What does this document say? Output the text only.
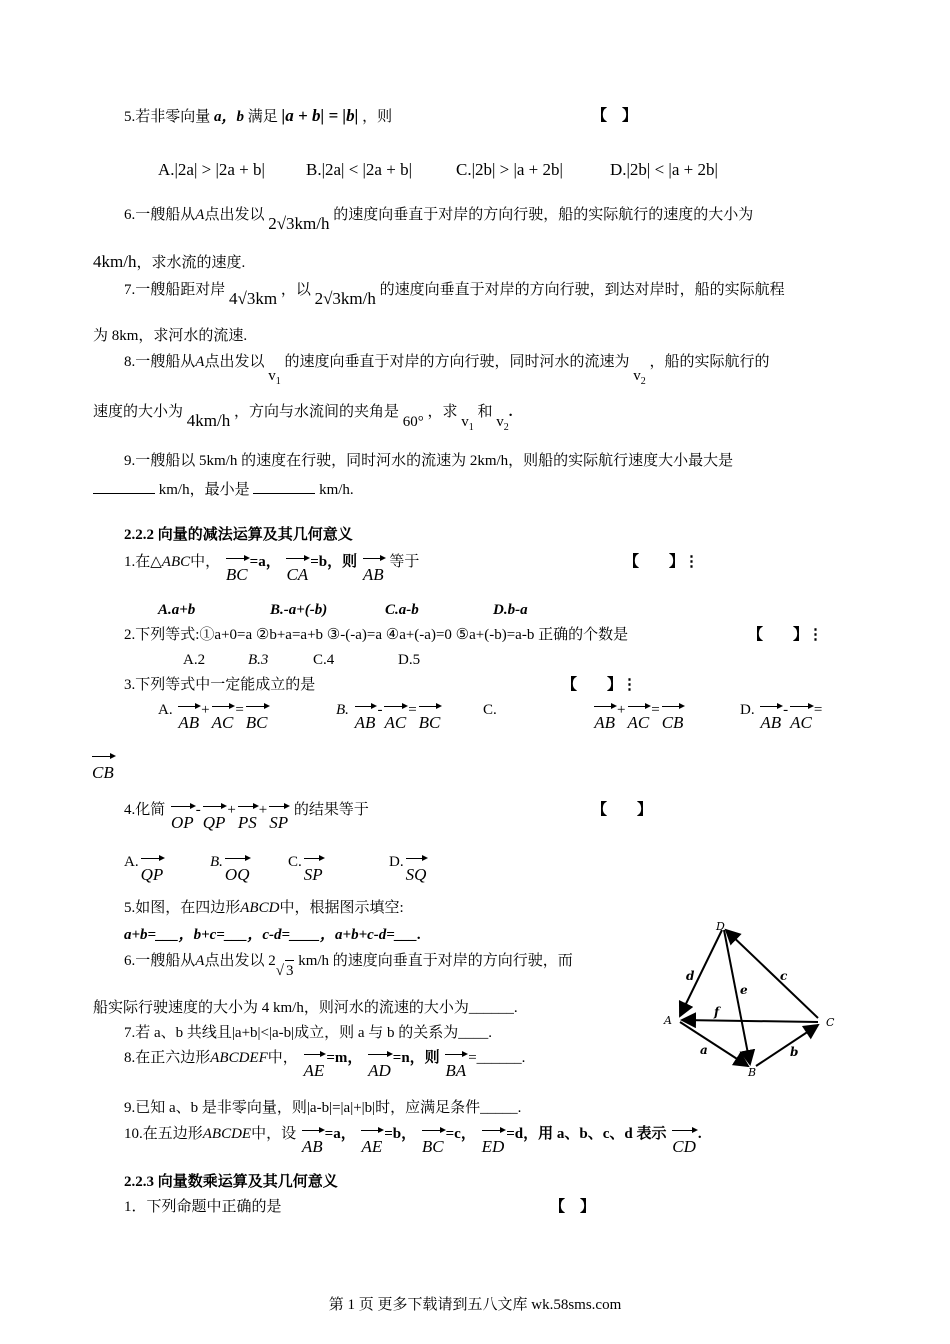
5.若非零向量 a，b 满足 |a + b| = |b| ，则	【　】
A.|2a| > |2a + b| B.|2a| < |2a + b|	C.|2b| > |a + 2b|	D.|2b| < |a + 2b|
6.一艘船从A点出发以 2√3km/h 的速度向垂直于对岸的方向行驶，船的实际航行的速度的大小为
4km/h，求水流的速度.
7.一艘船距对岸 4√3km ，以 2√3km/h 的速度向垂直于对岸的方向行驶，到达对岸时，船的实际航程
为 8km，求河水的流速.
8.一艘船从A点出发以 $v_1$ 的速度向垂直于对岸的方向行驶，同时河水的流速为 $v_2$ ，船的实际航行的
速度的大小为 4km/h ，方向与水流间的夹角是 60° ，求 $v_1$ 和 $v_2$.
9.一艘船以 5km/h 的速度在行驶，同时河水的流速为 2km/h，则船的实际航行速度大小最大是
km/h，最小是	km/h.
2.2.2 向量的减法运算及其几何意义
1.在△ABC中， BC=a， CA=b，则 AB 等于	【　　】⋮
A.a+b	B.-a+(-b)	C.a-b	D.b-a
2.下列等式:①a+0=a ②b+a=a+b ③-(-a)=a ④a+(-a)=0 ⑤a+(-b)=a-b 正确的个数是	【　　】⋮
A.2	B.3	C.4	D.5
3.下列等式中一定能成立的是	【　　】⋮
A. AB+AC=BC
B. AB-AC=BC
C.  AB+AC=CB
D. AB-AC=
CB
4.化简 OP-QP+PS+SP 的结果等于	【　　】
A.QP
B.OQ
C.SP
D.SQ
5.如图，在四边形ABCD中，根据图示填空:
a+b=___，b+c=___，c-d=____，a+b+c-d=___.
6.一艘船从A点出发以 2√ 3 km/h 的速度向垂直于对岸的方向行驶，而
船实际行驶速度的大小为 4 km/h，则河水的流速的大小为______.
7.若 a、b 共线且|a+b|<|a-b|成立，则 a 与 b 的关系为____.
8.在正六边形ABCDEF中， AE=m， AD=n，则 BA=______.
9.已知 a、b 是非零向量，则|a-b|=|a|+|b|时，应满足条件_____.
10.在五边形ABCDE中，设 AB=a， AE=b， BC=c， ED=d，用 a、b、c、d 表示 CD.
2.2.3 向量数乘运算及其几何意义
1．下列命题中正确的是	【　】
D
A	C
B
d	c
e
f
a	b
第 1 页 更多下载请到五八文库 wk.58sms.com
